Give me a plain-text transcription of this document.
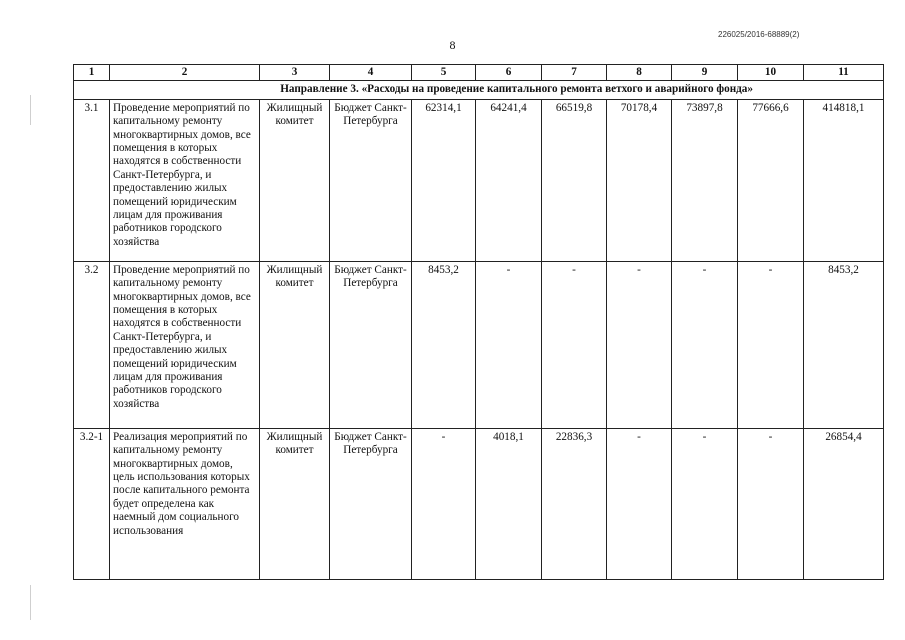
226025/2016-68889(2)
8
1	2	3	4	5	6	7	8	9	10	11
Направление 3. «Расходы на проведение капитального ремонта ветхого и аварийного фонда»										
3.1	Проведение мероприятий по капитальному ремонту многоквартирных домов, все помещения в которых находятся в собственности Санкт-Петербурга, и предоставлению жилых помещений юридическим лицам для проживания работников городского хозяйства	Жилищный комитет	Бюджет Санкт-Петербурга	62314,1	64241,4	66519,8	70178,4	73897,8	77666,6	414818,1
3.2	Проведение мероприятий по капитальному ремонту многоквартирных домов, все помещения в которых находятся в собственности Санкт-Петербурга, и предоставлению жилых помещений юридическим лицам для проживания работников городского хозяйства	Жилищный комитет	Бюджет Санкт-Петербурга	8453,2	-	-	-	-	-	8453,2
3.2-1	Реализация мероприятий по капитальному ремонту многоквартирных домов, цель использования которых после капитального ремонта будет определена как наемный дом социального использования	Жилищный комитет	Бюджет Санкт-Петербурга	-	4018,1	22836,3	-	-	-	26854,4
